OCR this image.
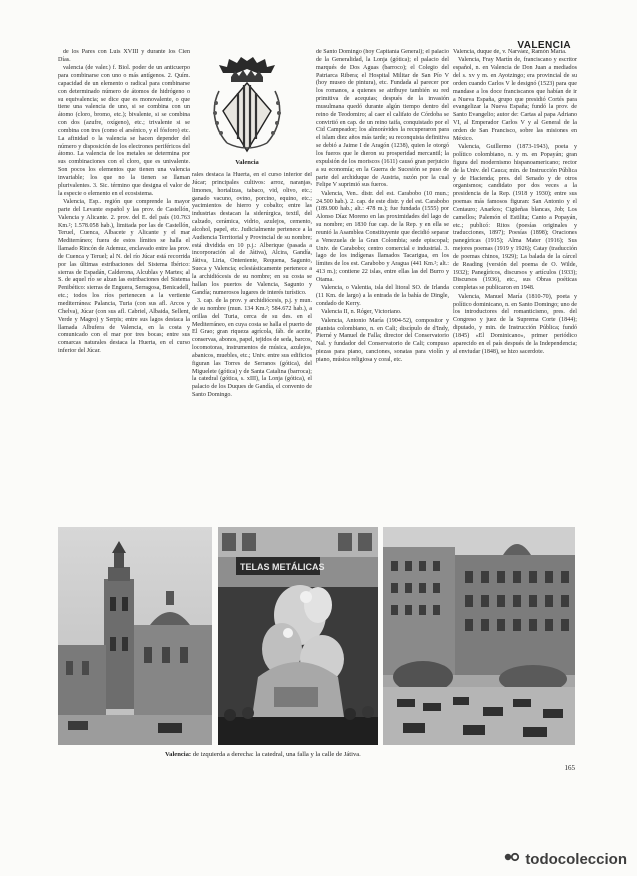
VALENCIA

de los Pares con Luis XVIII y durante los Cien Días.

valencia (de valer.) f. Biol. poder de un anticuerpo para combinarse con uno o más antígenos. 2. Quím. capacidad de un elemento o radical para combinarse con determinado número de átomos de hidrógeno o su equivalencia; se dice que es monovalente, o que tiene una valencia de uno, si se combina con un átomo (cloro, bromo, etc.); bivalente, si se combina con dos (azufre, oxígeno), etc.; trivalente si se combina con tres (como el arsénico, y el fósforo) etc. La afinidad o la valencia se hacen depender del número y disposición de los electrones periféricos del átomo. La valencia de los metales se determina por sus combinaciones con el cloro, que es univalente. Son pocos los elementos que tienen una valencia invariable; los que no la tienen se llaman plurivalentes. 3. Sic. término que designa el valor de la especie o elemento en el ecosistema.

Valencia, Esp.. región que comprende la mayor parte del Levante español y las prov. de Castellón, Valencia y Alicante. 2. prov. del E. del país (10.763 Km.²; 1.578.058 hab.), limitada por las de Castellón, Teruel, Cuenca, Albacete y Alicante y el mar Mediterráneo; fuera de estos límites se halla el llamado Rincón de Ademuz, enclavado entre las prov. de Cuenca y Teruel; al N. del río Júcar está recorrida por las últimas estribaciones del Sistema Ibérico: sierras de Espadán, Calderona, Alcublas y Martes; al S. de aquel río se alzan las estribaciones del Sistema Penibético: sierras de Enguera, Serragosa, Benicadell, etc.; todos los ríos pertenecen a la vertiente mediterránea: Palancia, Turia (con sus afl. Arcos y Chelva), Júcar (con sus afl. Cabriel, Albaida, Sellent, Verde y Magro) y Serpis; entre sus lagos destaca la llamada Albufera de Valencia, en la costa y comunicado con el mar por tres bocas; entre sus comarcas naturales destaca la Huerta, en el curso inferior del Júcar.

Valencia

rales destaca la Huerta, en el curso inferior del Júcar; principales cultivos: arroz, naranjas, limones, hortalizas, tabaco, vid, olivo, etc.; ganado vacuno, ovino, porcino, equino, etc.; yacimientos de hierro y cobalto; entre las industrias destacan la siderúrgica, textil, del calzado, cerámica, vidrio, azulejos, cemento, alcohol, papel, etc. Judicialmente pertenece a la Audiencia Territorial y Provincial de su nombre; está dividida en 10 p.j.: Alberique (pasada a incorporación al de Játiva), Alcira, Gandía, Játiva, Liria, Onteniente, Requena, Sagunto, Sueca y Valencia; eclesiásticamente pertenece a la archidiócesis de su nombre; en su costa se hallan los puertos de Valencia, Sagunto y Gandía; numerosos lugares de interés turístico.

3. cap. de la prov. y archidiócesis, p.j. y mun. de su nombre (mun. 134 Km.²; 584.672 hab.), a orillas del Turia, cerca de su des. en el Mediterráneo, en cuya costa se halla el puerto de El Grao; gran riqueza agrícola, fáb. de aceite, conservas, abonos, papel, tejidos de seda, barcos, locomotoras, instrumentos de música, azulejos, abanicos, muebles, etc.; Univ. entre sus edificios figuran las Torres de Serranos (gótica), del Miguelete (gótica) y de Santa Catalina (barroca); la catedral (gótica, s. xIII), la Lonja (gótica), el palacio de los Duques de Gandía, el convento de Santo Domingo.

de Santo Domingo (hoy Capitanía General); el palacio de la Generalidad, la Lonja (gótica); el palacio del marqués de Dos Aguas (barroco); el Colegio del Patriarca Ribera; el Hospital Militar de San Pío V (hoy museo de pintura), etc. Fundada al parecer por los romanos, a quienes se atribuye también su red primitiva de acequias; después de la invasión musulmana quedó durante algún tiempo dentro del reino de Teodomiro; al caer el califato de Córdoba se convirtió en cap. de un reino taifa, conquistado por el Cid Campeador; los almorávides la recuperaron para el islam diez años más tarde; su reconquista definitiva se debió a Jaime I de Aragón (1238), quien le otorgó los fueros que le dieron su prosperidad mercantil; la expulsión de los moriscos (1611) causó gran perjuicio a su economía; en la Guerra de Sucesión se puso de parte del archiduque de Austria, razón por la cual Felipe V suprimió sus fueros.

Valencia, Ven.. distr. del est. Carabobo (10 mun.; 24.500 hab.). 2. cap. de este distr. y del est. Carabobo (189.900 hab.; alt.: 478 m.); fue fundada (1555) por Alonso Díaz Moreno en las proximidades del lago de su nombre; en 1830 fue cap. de la Rep. y en ella se reunió la Asamblea Constituyente que decidió separar a Venezuela de la Gran Colombia; sede episcopal; Univ. de Carabobo; centro comercial e industrial. 3. lago de los indígenas llamados Tacarigua, en los límites de los est. Carabobo y Aragua (441 Km.²; alt.: 413 m.); contiene 22 islas, entre ellas las del Burro y Otama.

Valencia, o Valentia, isla del litoral SO. de Irlanda (11 Km. de largo) a la entrada de la bahía de Dingle, condado de Kerry.

Valencia II, n. Róger, Victoriano.

Valencia, Antonio María (1904-52), compositor y pianista colombiano, n. en Cali; discípulo de d'Indy, Pierné y Manuel de Falla; director del Conservatorio Nal. y fundador del Conservatorio de Cali; compuso piezas para piano, canciones, sonatas para violín y piano, música religiosa y coral, etc.

Valencia, duque de, v. Narváez, Ramón María.

Valencia, Fray Martín de, franciscano y escritor español, n. en Valencia de Don Juan a mediados del s. xv y m. en Ayotzingo; era provincial de su orden cuando Carlos V le designó (1523) para que mandase a los doce franciscanos que habían de ir a Nueva España, grupo que presidió Cortés para evangelizar la Nueva España; fundó la prov. de Santo Evangelio; autor de: Cartas al papa Adriano VI, al Emperador Carlos V y al General de la orden de San Francisco, sobre las misiones en México.

Valencia, Guillermo (1873-1943), poeta y político colombiano, n. y m. en Popayán; gran figura del modernismo hispanoamericano; rector de la Univ. del Cauca; min. de Instrucción Pública y de Hacienda; pres. del Senado y de otros organismos; candidato por dos veces a la presidencia de la Rep. (1918 y 1930); entre sus poemas más famosos figuran: San Antonio y el Centauro; Anarkos; Cigüeñas blancas, Job; Los camellos; Palemón el Estilita; Canto a Popayán, etc.; publicó: Ritos (poesías originales y traducciones, 1897); Poesías (1898); Oraciones panegíricas (1915); Alma Mater (1916); Sus mejores poemas (1919 y 1926); Catay (traducción de poemas chinos, 1929); La balada de la cárcel de Reading (versión del poema de O. Wilde, 1932); Panegíricos, discursos y artículos (1933); Discursos (1936), etc., sus Obras poéticas completas se publicaron en 1948.

Valencia, Manuel María (1810-70), poeta y político dominicano, n. en Santo Domingo; uno de los introductores del romanticismo, pres. del Congreso y juez de la Suprema Corte (1844); diputado, y min. de Instrucción Pública; fundó (1845) «El Dominicano», primer periódico aparecido en el país después de la Independencia; al enviudar (1848), se hizo sacerdote.

TELAS METÁLICAS
Valencia: de izquierda a derecha: la catedral, una falla y la calle de Játiva.
165
todocoleccion
